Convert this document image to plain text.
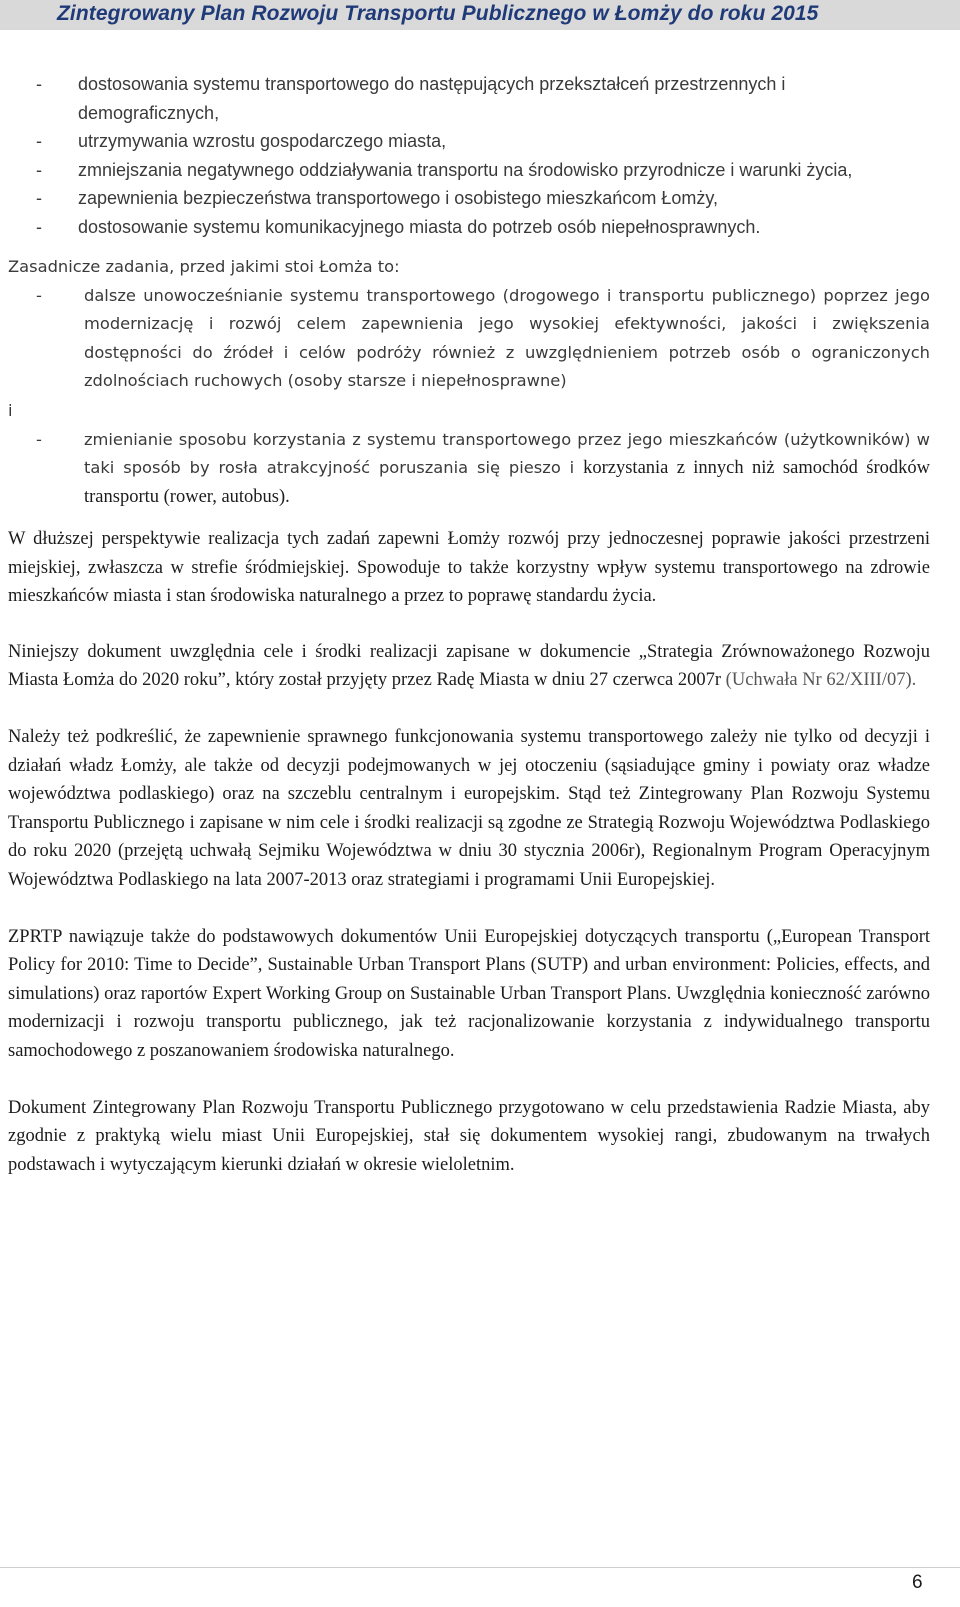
Zintegrowany Plan Rozwoju Transportu Publicznego w Łomży do roku 2015
- dostosowania systemu transportowego do następujących przekształceń przestrzennych i demograficznych,
- utrzymywania wzrostu gospodarczego miasta,
- zmniejszania negatywnego oddziaływania transportu na środowisko przyrodnicze i warunki życia,
- zapewnienia bezpieczeństwa transportowego i osobistego mieszkańcom Łomży,
- dostosowanie systemu komunikacyjnego miasta do potrzeb osób niepełnosprawnych.
Zasadnicze zadania, przed jakimi stoi Łomża to:
-	dalsze unowocześnianie systemu transportowego (drogowego i transportu publicznego) poprzez jego modernizację i rozwój celem zapewnienia jego wysokiej efektywności, jakości i zwiększenia dostępności do źródeł i celów podróży również z uwzględnieniem potrzeb osób o ograniczonych zdolnościach ruchowych (osoby starsze i niepełnosprawne)
i
-	zmienianie sposobu korzystania z systemu transportowego przez jego mieszkańców (użytkowników) w taki sposób by rosła atrakcyjność poruszania się pieszo i korzystania z innych niż samochód środków transportu (rower, autobus).

W dłuższej perspektywie realizacja tych zadań zapewni Łomży rozwój przy jednoczesnej poprawie jakości przestrzeni miejskiej, zwłaszcza w strefie śródmiejskiej. Spowoduje to także korzystny wpływ systemu transportowego na zdrowie mieszkańców miasta i stan środowiska naturalnego a przez to poprawę standardu życia.

Niniejszy dokument uwzględnia cele i środki realizacji zapisane w dokumencie „Strategia Zrównoważonego Rozwoju Miasta Łomża do 2020 roku”, który został przyjęty przez Radę Miasta w dniu 27 czerwca 2007r (Uchwała Nr 62/XIII/07).

Należy też podkreślić, że zapewnienie sprawnego funkcjonowania systemu transportowego zależy nie tylko od decyzji i działań władz Łomży, ale także od decyzji podejmowanych w jej otoczeniu (sąsiadujące gminy i powiaty oraz władze województwa podlaskiego) oraz na szczeblu centralnym i europejskim. Stąd też Zintegrowany Plan Rozwoju Systemu Transportu Publicznego i zapisane w nim cele i środki realizacji są zgodne ze Strategią Rozwoju Województwa Podlaskiego do roku 2020 (przejętą uchwałą Sejmiku Województwa w dniu 30 stycznia 2006r), Regionalnym Program Operacyjnym Województwa Podlaskiego na lata 2007-2013 oraz strategiami i programami Unii Europejskiej.

ZPRTP nawiązuje także do podstawowych dokumentów Unii Europejskiej dotyczących transportu („European Transport Policy for 2010: Time to Decide”, Sustainable Urban Transport Plans (SUTP) and urban environment: Policies, effects, and simulations) oraz raportów Expert Working Group on Sustainable Urban Transport Plans. Uwzględnia konieczność zarówno modernizacji i rozwoju transportu publicznego, jak też racjonalizowanie korzystania z indywidualnego transportu samochodowego z poszanowaniem środowiska naturalnego.

Dokument Zintegrowany Plan Rozwoju Transportu Publicznego przygotowano w celu przedstawienia Radzie Miasta, aby zgodnie z praktyką wielu miast Unii Europejskiej, stał się dokumentem wysokiej rangi, zbudowanym na trwałych podstawach i wytyczającym kierunki działań w okresie wieloletnim.

6
